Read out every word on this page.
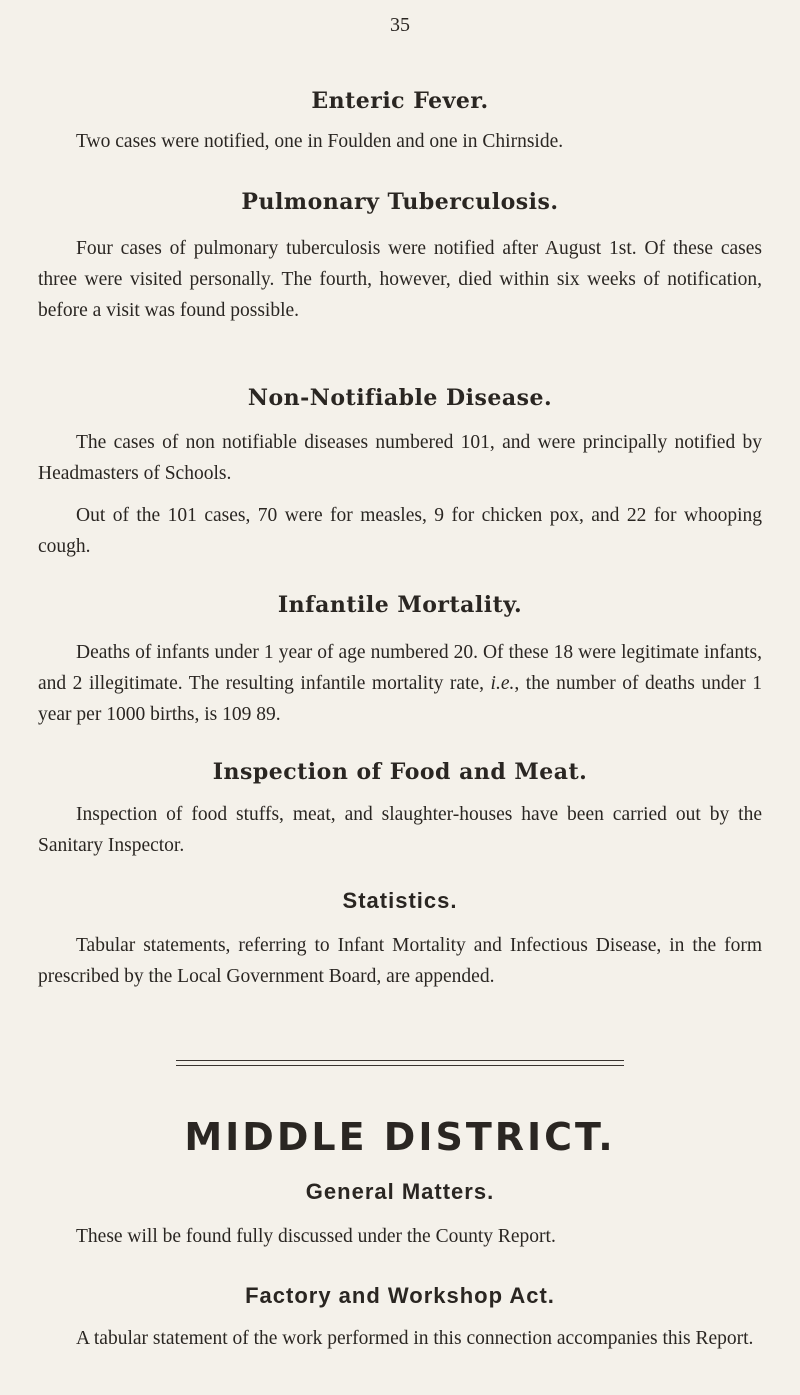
35
Enteric Fever.

Two cases were notified, one in Foulden and one in Chirnside.

Pulmonary Tuberculosis.

Four cases of pulmonary tuberculosis were notified after August 1st. Of these cases three were visited personally. The fourth, however, died within six weeks of notification, before a visit was found possible.

Non-Notifiable Disease.

The cases of non notifiable diseases numbered 101, and were principally notified by Headmasters of Schools.

Out of the 101 cases, 70 were for measles, 9 for chicken pox, and 22 for whooping cough.

Infantile Mortality.

Deaths of infants under 1 year of age numbered 20. Of these 18 were legitimate infants, and 2 illegitimate. The resulting infantile mortality rate, i.e., the number of deaths under 1 year per 1000 births, is 109 89.

Inspection of Food and Meat.

Inspection of food stuffs, meat, and slaughter-houses have been carried out by the Sanitary Inspector.

Statistics.

Tabular statements, referring to Infant Mortality and Infectious Disease, in the form prescribed by the Local Government Board, are appended.

MIDDLE DISTRICT.
General Matters.

These will be found fully discussed under the County Report.

Factory and Workshop Act.

A tabular statement of the work performed in this connection accompanies this Report.
